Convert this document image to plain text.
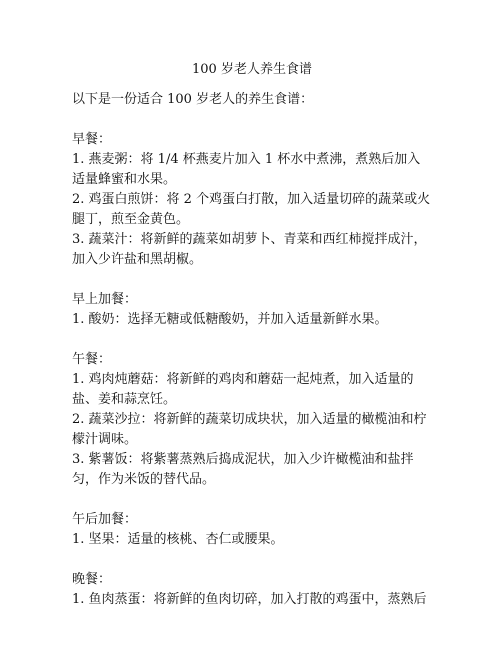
100 岁老人养生食谱

以下是一份适合 100 岁老人的养生食谱：

早餐：

1. 燕麦粥：将 1/4 杯燕麦片加入 1 杯水中煮沸，煮熟后加入适量蜂蜜和水果。

2. 鸡蛋白煎饼：将 2 个鸡蛋白打散，加入适量切碎的蔬菜或火腿丁，煎至金黄色。

3. 蔬菜汁：将新鲜的蔬菜如胡萝卜、青菜和西红柿搅拌成汁，加入少许盐和黑胡椒。

早上加餐：

1. 酸奶：选择无糖或低糖酸奶，并加入适量新鲜水果。

午餐：

1. 鸡肉炖蘑菇：将新鲜的鸡肉和蘑菇一起炖煮，加入适量的盐、姜和蒜烹饪。

2. 蔬菜沙拉：将新鲜的蔬菜切成块状，加入适量的橄榄油和柠檬汁调味。

3. 紫薯饭：将紫薯蒸熟后捣成泥状，加入少许橄榄油和盐拌匀，作为米饭的替代品。

午后加餐：

1. 坚果：适量的核桃、杏仁或腰果。

晚餐：

1. 鱼肉蒸蛋：将新鲜的鱼肉切碎，加入打散的鸡蛋中，蒸熟后
